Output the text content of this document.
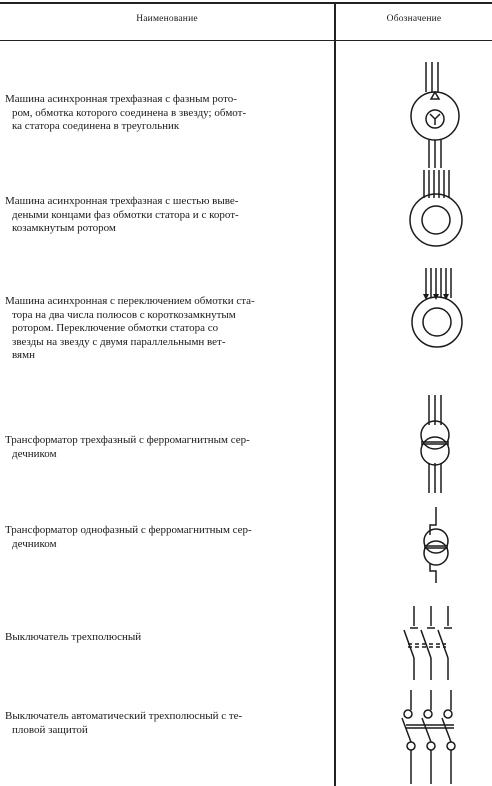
Наименование	Обозначение
Машина асинхронная трехфазная с фазным рото-
ром, обмотка которого соединена в звезду; обмот-
ка статора соединена в треугольник
Машина асинхронная трехфазная с шестью выве-
деными концами фаз обмотки статора и с корот-
козамкнутым ротором
Машина асинхронная с переключением обмотки ста-
тора на два числа полюсов с короткозамкнутым
ротором. Переключение обмотки статора со
звезды на звезду с двумя параллельнымн вет-
вямн
Трансформатор трехфазный с ферромагнитным сер-
дечником
Трансформатор однофазный с ферромагнитным сер-
дечником
Выключатель трехполюсный
Выключатель автоматический трехполюсный с те-
пловой защитой
